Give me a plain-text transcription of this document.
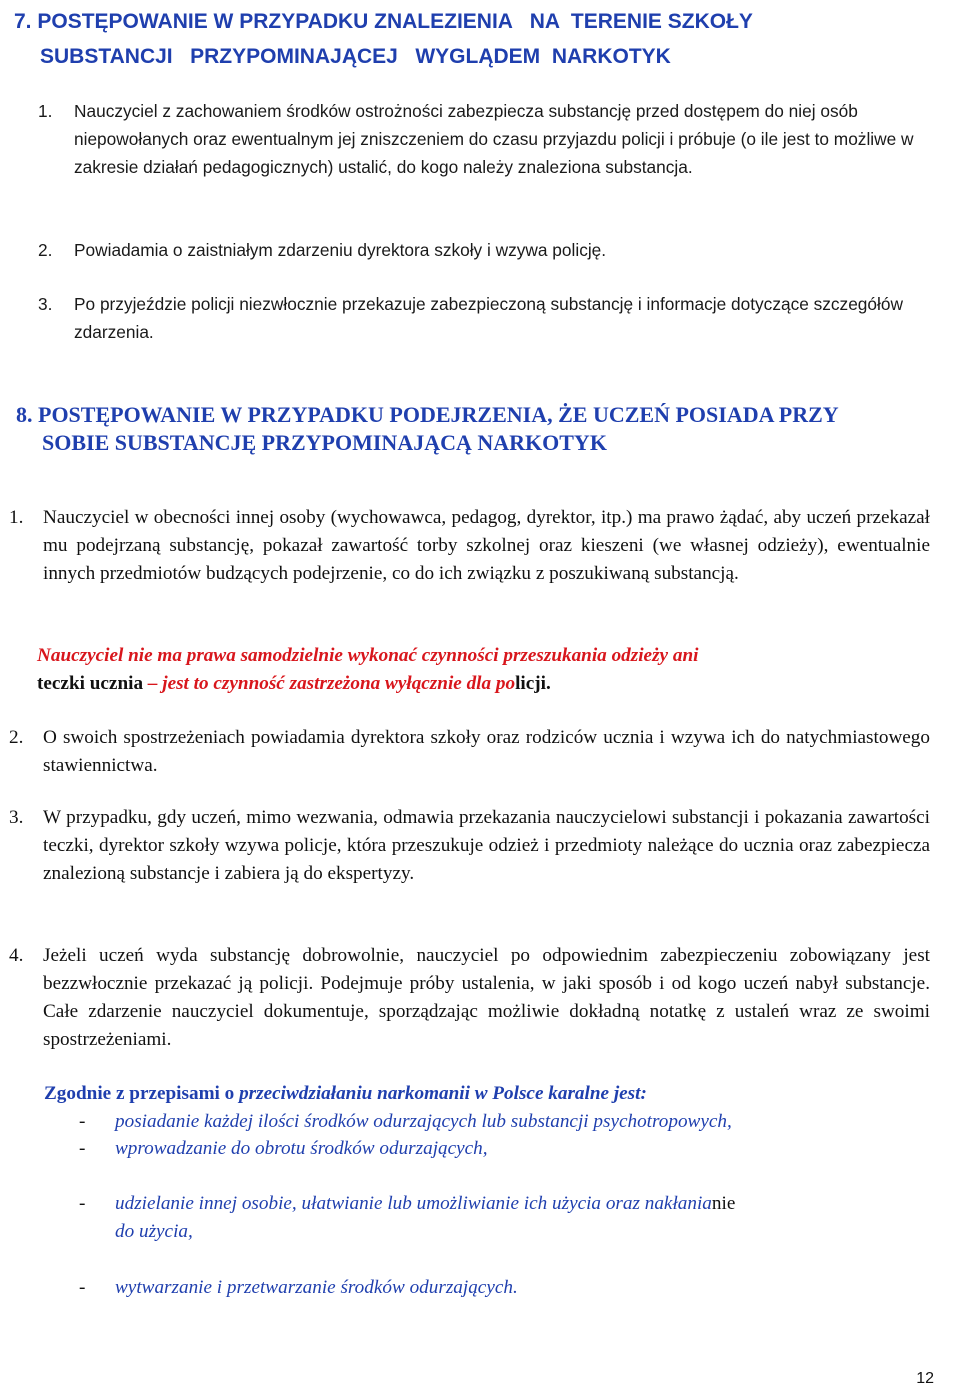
7. POSTĘPOWANIE W PRZYPADKU ZNALEZIENIA   NA  TERENIE SZKOŁY
SUBSTANCJI   PRZYPOMINAJĄCEJ   WYGLĄDEM  NARKOTYK
1.	Nauczyciel z zachowaniem środków ostrożności zabezpiecza substancję przed dostępem do niej osób niepowołanych oraz ewentualnym jej zniszczeniem do czasu przyjazdu policji i próbuje (o ile jest to możliwe w zakresie działań pedagogicznych) ustalić, do kogo należy znaleziona substancja.
2.	Powiadamia o zaistniałym zdarzeniu dyrektora szkoły i wzywa policję.
3.	Po przyjeździe policji niezwłocznie przekazuje zabezpieczoną substancję i informacje dotyczące szczegółów zdarzenia.
8. POSTĘPOWANIE W PRZYPADKU PODEJRZENIA, ŻE UCZEŃ POSIADA PRZY
SOBIE SUBSTANCJĘ PRZYPOMINAJĄCĄ NARKOTYK
1. Nauczyciel w obecności innej osoby (wychowawca, pedagog, dyrektor, itp.) ma prawo żądać, aby uczeń przekazał mu podejrzaną substancję, pokazał zawartość torby szkolnej oraz kieszeni (we własnej odzieży), ewentualnie innych przedmiotów budzących podejrzenie, co do ich związku z poszukiwaną substancją.
Nauczyciel nie ma prawa samodzielnie wykonać czynności przeszukania odzieży ani
teczki ucznia – jest to czynność zastrzeżona wyłącznie dla policji.
2. O swoich spostrzeżeniach powiadamia dyrektora szkoły oraz rodziców ucznia i wzywa ich do natychmiastowego stawiennictwa.
3. W przypadku, gdy uczeń, mimo wezwania, odmawia przekazania nauczycielowi substancji i pokazania zawartości teczki, dyrektor szkoły wzywa policje, która przeszukuje odzież i przedmioty należące do ucznia oraz zabezpiecza znalezioną substancje i zabiera ją do ekspertyzy.
4. Jeżeli uczeń wyda substancję dobrowolnie, nauczyciel po odpowiednim zabezpieczeniu zobowiązany jest bezzwłocznie przekazać ją policji. Podejmuje próby ustalenia, w jaki sposób i od kogo uczeń nabył substancje. Całe zdarzenie nauczyciel dokumentuje, sporządzając możliwie dokładną notatkę z ustaleń wraz ze swoimi spostrzeżeniami.
Zgodnie z przepisami o przeciwdziałaniu narkomanii w Polsce karalne jest:
- posiadanie każdej ilości środków odurzających lub substancji psychotropowych,
- wprowadzanie do obrotu środków odurzających,
- udzielanie innej osobie, ułatwianie lub umożliwianie ich użycia oraz nakłanianie
do użycia,
- wytwarzanie i przetwarzanie środków odurzających.
12
